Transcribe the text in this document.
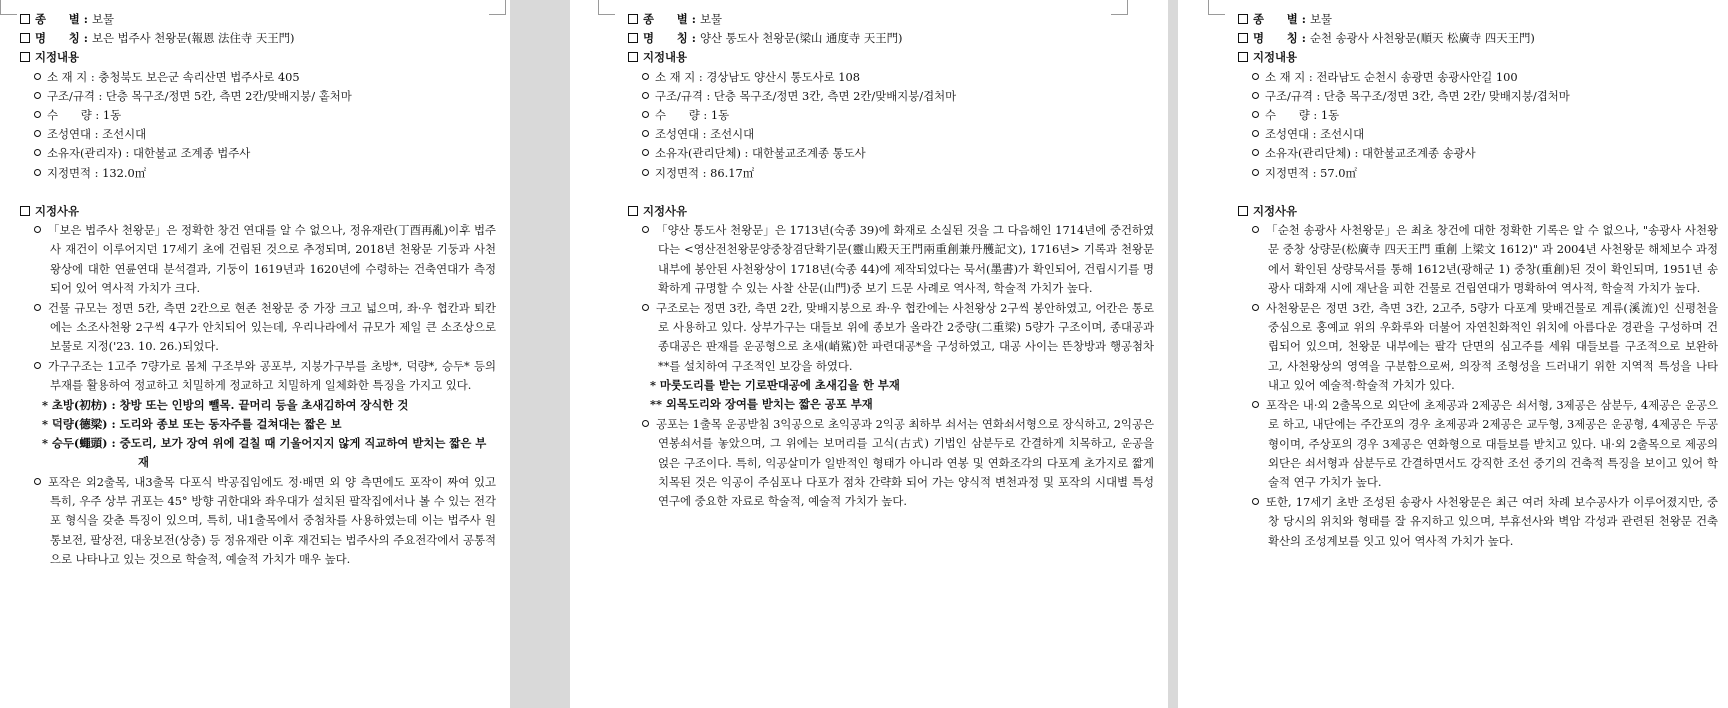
종　　별 : 보물
명　　칭 : 보은 법주사 천왕문(報恩 法住寺 天王門)
지정내용
소 재 지 : 충청북도 보은군 속리산면 법주사로 405
구조/규격 : 단층 목구조/정면 5칸, 측면 2칸/맞배지붕/ 홑처마
수　　량 : 1동
조성연대 : 조선시대
소유자(관리자) : 대한불교 조계종 법주사
지정면적 : 132.0㎡
지정사유

「보은 법주사 천왕문」은 정확한 창건 연대를 알 수 없으나, 정유재란(丁酉再亂)이후 법주사 재건이 이루어지던 17세기 초에 건립된 것으로 추정되며, 2018년 천왕문 기둥과 사천왕상에 대한 연륜연대 분석결과, 기둥이 1619년과 1620년에 수령하는 건축연대가 측정되어 있어 역사적 가치가 크다.

건물 규모는 정면 5칸, 측면 2칸으로 현존 천왕문 중 가장 크고 넓으며, 좌·우 협칸과 퇴칸에는 소조사천왕 2구씩 4구가 안치되어 있는데, 우리나라에서 규모가 제일 큰 소조상으로 보물로 지정('23. 10. 26.)되었다.

가구구조는 1고주 7량가로 몸체 구조부와 공포부, 지붕가구부를 초방*, 덕량*, 승두* 등의 부재를 활용하여 정교하고 치밀하게 정교하고 치밀하게 일체화한 특징을 가지고 있다.

* 초방(初枋) : 창방 또는 인방의 뺄목. 끝머리 등을 초새김하여 장식한 것

* 덕량(德梁) : 도리와 종보 또는 동자주를 걸쳐대는 짧은 보

* 승두(蠅頭) : 중도리, 보가 장여 위에 걸칠 때 기울어지지 않게 직교하여 받치는 짧은 부재

포작은 외2출목, 내3출목 다포식 박공집임에도 정·배면 외 양 측면에도 포작이 짜여 있고 특히, 우주 상부 귀포는 45° 방향 귀한대와 좌우대가 설치된 팔작집에서나 볼 수 있는 전각포 형식을 갖춘 특징이 있으며, 특히, 내1출목에서 중첨차를 사용하였는데 이는 법주사 원통보전, 팔상전, 대웅보전(상층) 등 정유재란 이후 재건되는 법주사의 주요전각에서 공통적으로 나타나고 있는 것으로 학술적, 예술적 가치가 매우 높다.

종　　별 : 보물
명　　칭 : 양산 통도사 천왕문(梁山 通度寺 天王門)
지정내용
소 재 지 : 경상남도 양산시 통도사로 108
구조/규격 : 단층 목구조/정면 3칸, 측면 2칸/맞배지붕/겹처마
수　　량 : 1동
조성연대 : 조선시대
소유자(관리단체) : 대한불교조계종 통도사
지정면적 : 86.17㎡
지정사유

「양산 통도사 천왕문」은 1713년(숙종 39)에 화재로 소실된 것을 그 다음해인 1714년에 중건하였다는 <영산전천왕문양중창겸단확기문(靈山殿天王門兩重創兼丹雘記文), 1716년> 기록과 천왕문 내부에 봉안된 사천왕상이 1718년(숙종 44)에 제작되었다는 묵서(墨書)가 확인되어, 건립시기를 명확하게 규명할 수 있는 사찰 산문(山門)중 보기 드문 사례로 역사적, 학술적 가치가 높다.

구조로는 정면 3칸, 측면 2칸, 맞배지붕으로 좌·우 협칸에는 사천왕상 2구씩 봉안하였고, 어칸은 통로로 사용하고 있다. 상부가구는 대들보 위에 종보가 올라간 2중량(二重梁) 5량가 구조이며, 종대공과 종대공은 판재를 운공형으로 초새(峭鯊)한 파련대공*을 구성하였고, 대공 사이는 뜬창방과 행공첨차**를 설치하여 구조적인 보강을 하였다.

* 마룻도리를 받는 기로판대공에 초새김을 한 부재

** 외목도리와 장여를 받치는 짧은 공포 부재

공포는 1출목 운공받침 3익공으로 초익공과 2익공 최하부 쇠서는 연화쇠서형으로 장식하고, 2익공은 연봉쇠서를 놓았으며, 그 위에는 보머리를 고식(古式) 기법인 삼분두로 간결하게 치목하고, 운공을 얹은 구조이다. 특히, 익공살미가 일반적인 형태가 아니라 연봉 및 연화조각의 다포계 초가지로 짧게 치목된 것은 익공이 주심포나 다포가 점차 간략화 되어 가는 양식적 변천과정 및 포작의 시대별 특성 연구에 중요한 자료로 학술적, 예술적 가치가 높다.

종　　별 : 보물
명　　칭 : 순천 송광사 사천왕문(順天 松廣寺 四天王門)
지정내용
소 재 지 : 전라남도 순천시 송광면 송광사안길 100
구조/규격 : 단층 목구조/정면 3칸, 측면 2칸/ 맞배지붕/겹처마
수　　량 : 1동
조성연대 : 조선시대
소유자(관리단체) : 대한불교조계종 송광사
지정면적 : 57.0㎡
지정사유

「순천 송광사 사천왕문」은 최초 창건에 대한 정확한 기록은 알 수 없으나, "송광사 사천왕문 중창 상량문(松廣寺 四天王門 重創 上梁文 1612)" 과 2004년 사천왕문 해체보수 과정에서 확인된 상량묵서를 통해 1612년(광해군 1) 중창(重創)된 것이 확인되며, 1951년 송광사 대화재 시에 재난을 피한 건물로 건립연대가 명확하여 역사적, 학술적 가치가 높다.

사천왕문은 정면 3칸, 측면 3칸, 2고주, 5량가 다포계 맞배건물로 계류(溪流)인 신평천을 중심으로 홍예교 위의 우화루와 더불어 자연친화적인 위치에 아름다운 경관을 구성하며 건립되어 있으며, 천왕문 내부에는 팔각 단면의 심고주를 세워 대들보를 구조적으로 보완하고, 사천왕상의 영역을 구분함으로써, 의장적 조형성을 드러내기 위한 지역적 특성을 나타내고 있어 예술적·학술적 가치가 있다.

포작은 내·외 2출목으로 외단에 초제공과 2제공은 쇠서형, 3제공은 삼분두, 4제공은 운공으로 하고, 내단에는 주간포의 경우 초제공과 2제공은 교두형, 3제공은 운공형, 4제공은 두공형이며, 주상포의 경우 3제공은 연화형으로 대들보를 받치고 있다. 내·외 2출목으로 제공의 외단은 쇠서형과 삼분두로 간결하면서도 강직한 조선 중기의 건축적 특징을 보이고 있어 학술적 연구 가치가 높다.

또한, 17세기 초반 조성된 송광사 사천왕문은 최근 여러 차례 보수공사가 이루어졌지만, 중창 당시의 위치와 형태를 잘 유지하고 있으며, 부휴선사와 벽암 각성과 관련된 천왕문 건축 확산의 조성계보를 잇고 있어 역사적 가치가 높다.
